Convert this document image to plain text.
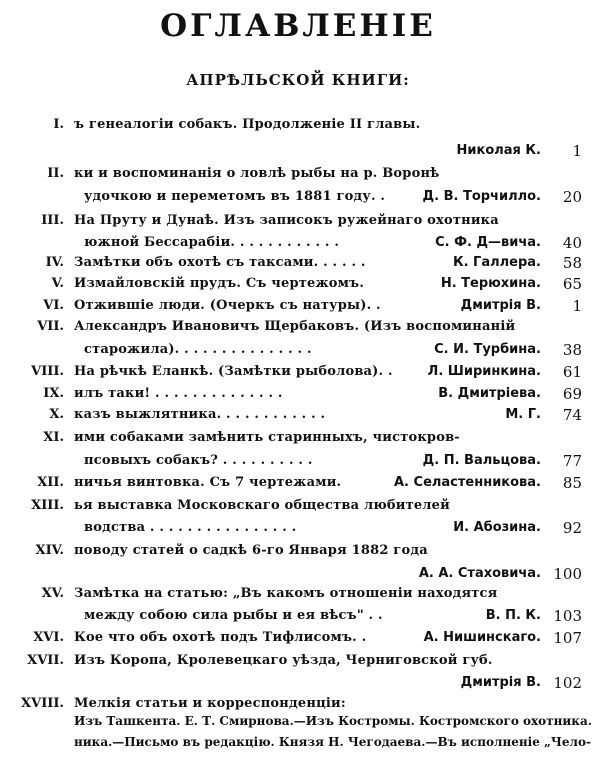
ОГЛАВЛЕНIЕ
АПРѢЛЬСКОЙ КНИГИ:
I. ъ генеалогiи собакъ. Продолженiе II главы.
Николая К.	1
II. ки и воспоминанiя о ловлѣ рыбы на р. Воронѣ
удочкою и переметомъ въ 1881 году. .	Д. В. Торчилло.	20
III. На Пруту и Дунаѣ. Изъ записокъ ружейнаго охотника
южной Бессарабiи. . . . . . . . . . . .	С. Ф. Д—вича.	40
IV. Замѣтки объ охотѣ съ таксами. . . . . .	К. Галлера.	58
V. Измайловскiй прудъ. Съ чертежомъ.	Н. Терюхина.	65
VI. Отжившiе люди. (Очеркъ съ натуры). .	Дмитрiя В.	1
VII. Александръ Ивановичъ Щербаковъ. (Изъ воспоминанiй
старожила). . . . . . . . . . . . . . .	С. И. Турбина.	38
VIII. На рѣчкѣ Еланкѣ. (Замѣтки рыболова). .	Л. Ширинкина.	61
IX. илъ таки! . . . . . . . . . . . . . .	В. Дмитрiева.	69
X. казъ выжлятника. . . . . . . . . . . .	М. Г.	74
XI. ими собаками замѣнить старинныхъ, чистокров-
псовыхъ собакъ? . . . . . . . . . .	Д. П. Вальцова.	77
XII. ничья винтовка. Съ 7 чертежами.	А. Селастенникова.	85
XIII. ья выставка Московскаго общества любителей
водства . . . . . . . . . . . . . . . .	И. Абозина.	92
XIV. поводу статей о садкѣ 6-го Января 1882 года
А. А. Стаховича. 100
XV. Замѣтка на статью: „Въ какомъ отношенiи находятся
между собою сила рыбы и ея вѣсъ" . .	В. П. К. 103
XVI. Кое что объ охотѣ подъ Тифлисомъ. .	А. Нишинскаго. 107
XVII. Изъ Коропа, Кролевецкаго уѣзда, Черниговской губ.
Дмитрiя В. 102
XVIII. Мелкiя статьи и корреспонденцiи:
Изъ Ташкента. Е. Т. Смирнова.—Изъ Костромы. Костромского охотника.
ника.—Письмо въ редакцiю. Князя Н. Чегодаева.—Въ исполненiе „Чело-
